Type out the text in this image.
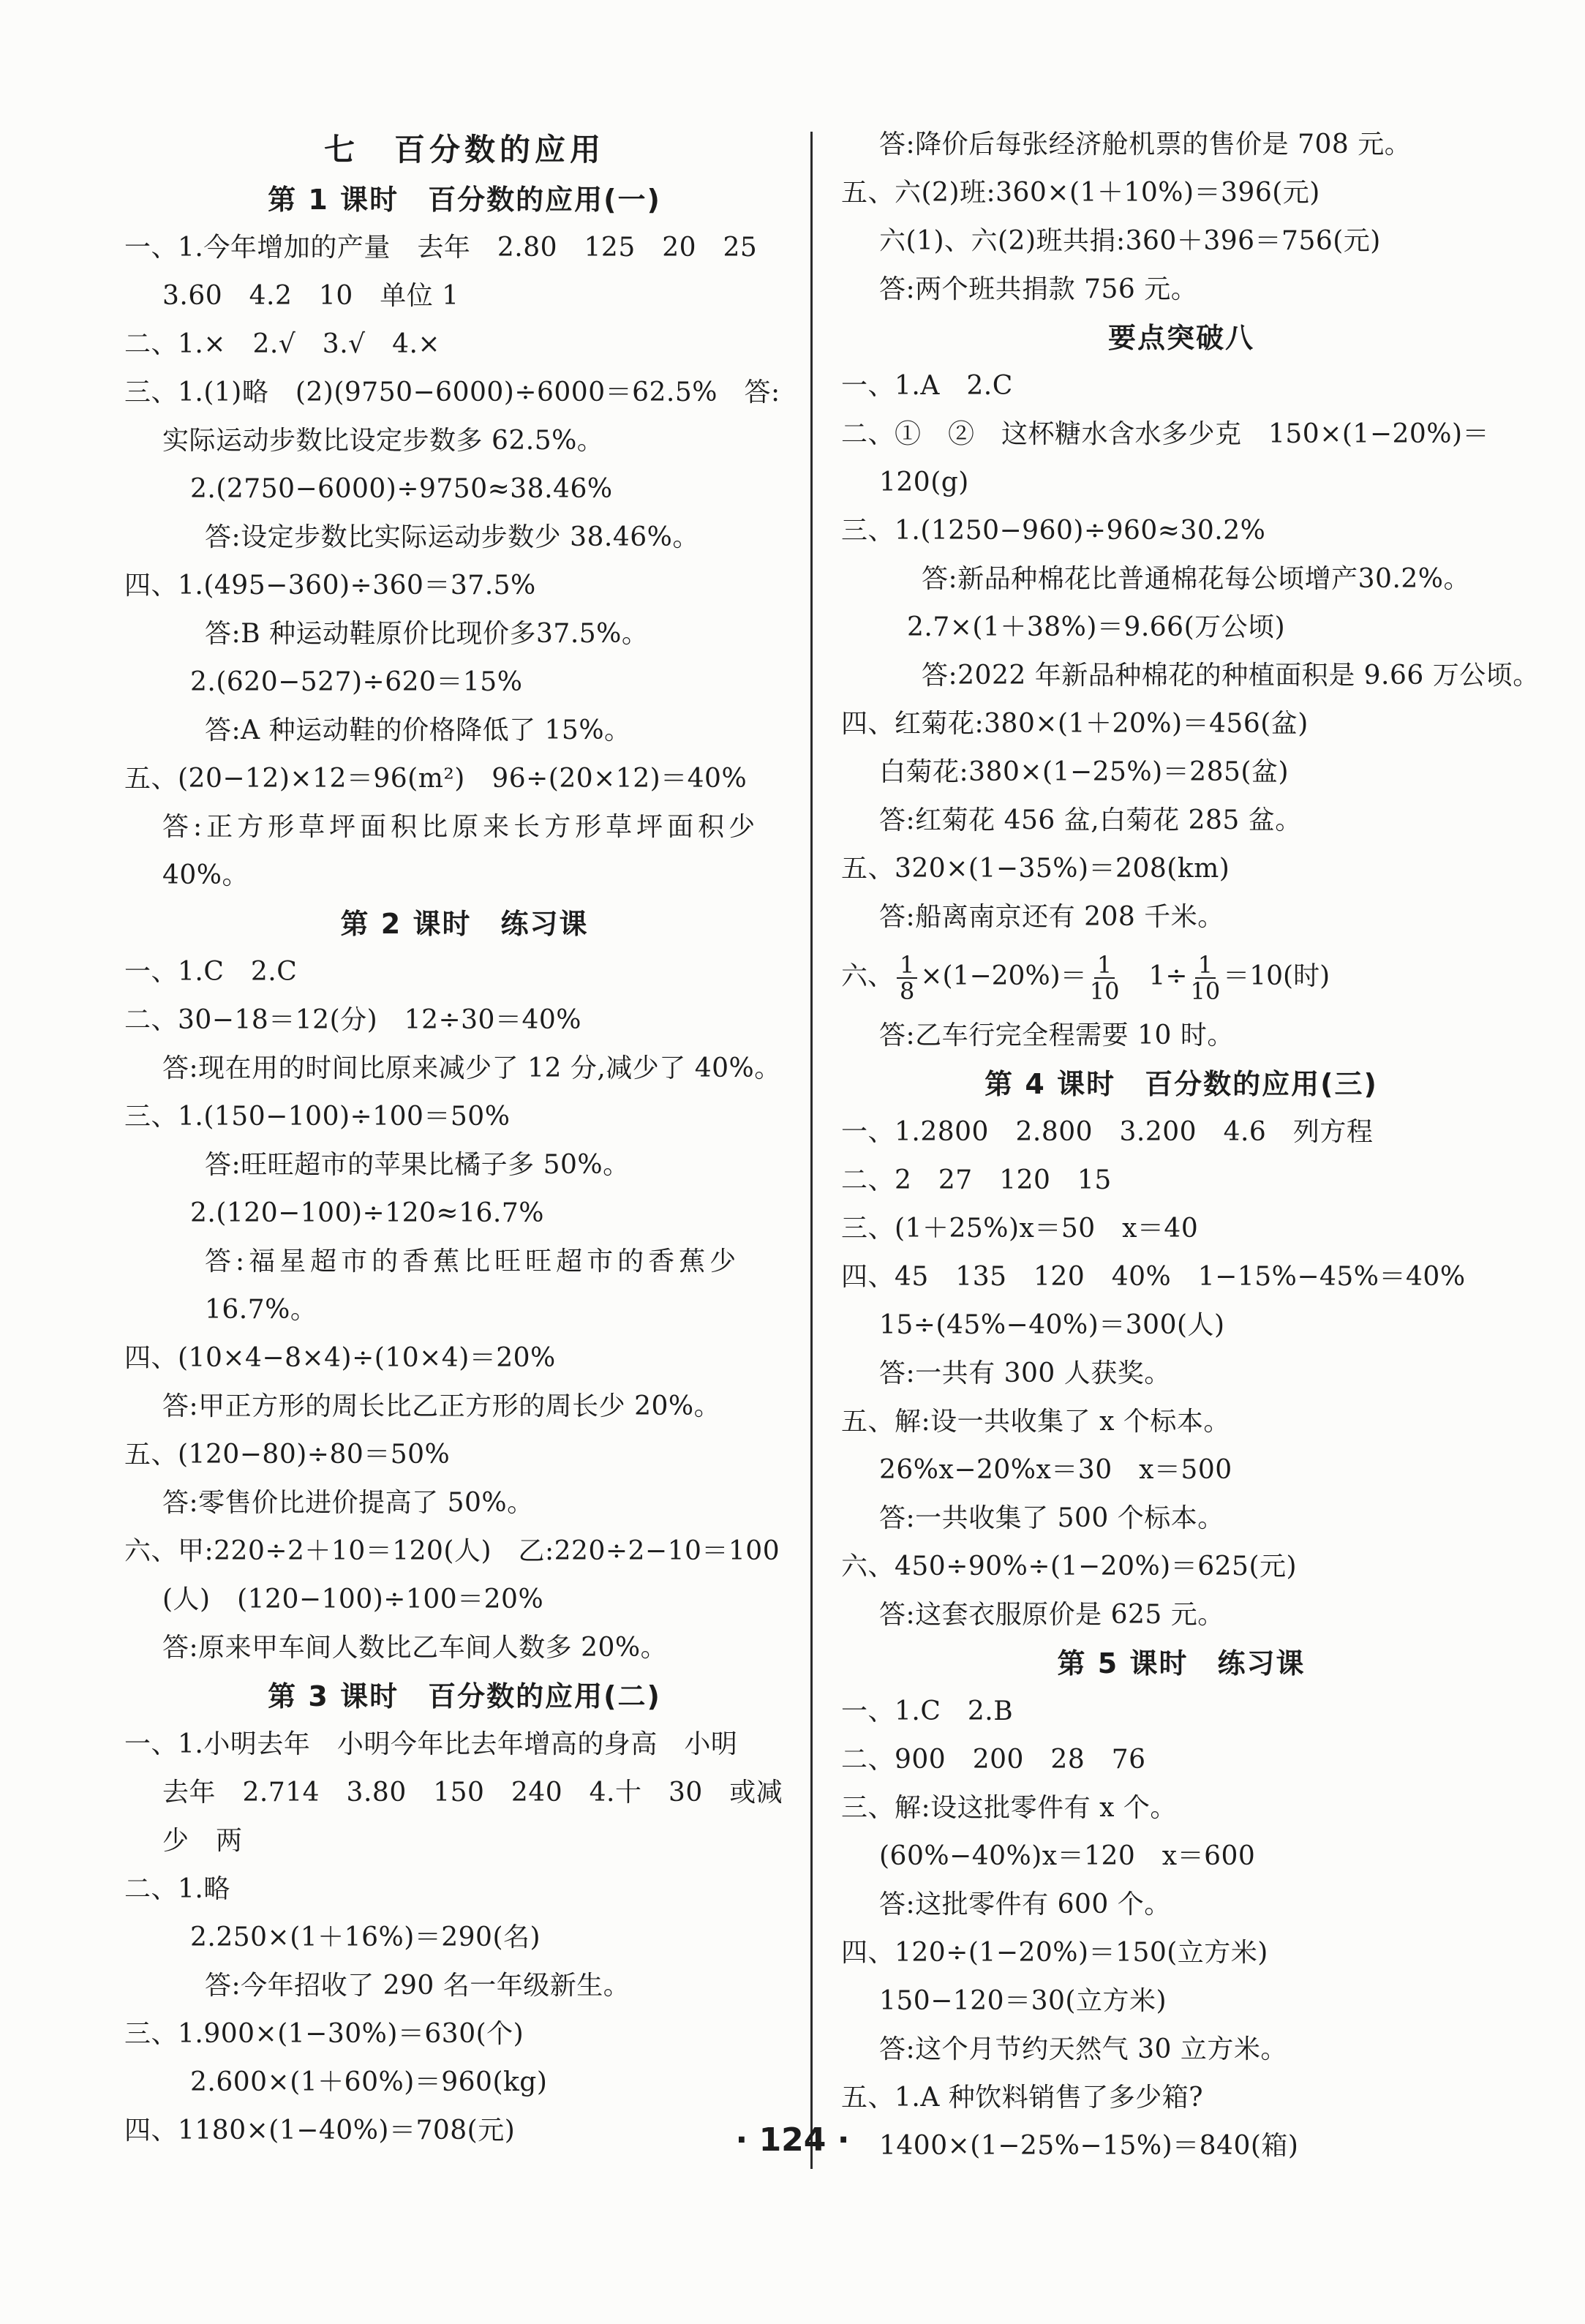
七　百分数的应用
第 1 课时　百分数的应用(一)
一、1.今年增加的产量　去年　2.80　125　20　25
3.60　4.2　10　单位 1
二、1.×　2.√　3.√　4.×
三、1.(1)略　(2)(9750−6000)÷6000＝62.5%　答:
实际运动步数比设定步数多 62.5%。
2.(2750−6000)÷9750≈38.46%
答:设定步数比实际运动步数少 38.46%。
四、1.(495−360)÷360＝37.5%
答:B 种运动鞋原价比现价多37.5%。
2.(620−527)÷620＝15%
答:A 种运动鞋的价格降低了 15%。
五、(20−12)×12＝96(m²)　96÷(20×12)＝40%
答:正方形草坪面积比原来长方形草坪面积少
40%。
第 2 课时　练习课
一、1.C　2.C
二、30−18＝12(分)　12÷30＝40%
答:现在用的时间比原来减少了 12 分,减少了 40%。
三、1.(150−100)÷100＝50%
答:旺旺超市的苹果比橘子多 50%。
2.(120−100)÷120≈16.7%
答:福星超市的香蕉比旺旺超市的香蕉少
16.7%。
四、(10×4−8×4)÷(10×4)＝20%
答:甲正方形的周长比乙正方形的周长少 20%。
五、(120−80)÷80＝50%
答:零售价比进价提高了 50%。
六、甲:220÷2＋10＝120(人)　乙:220÷2−10＝100
(人)　(120−100)÷100＝20%
答:原来甲车间人数比乙车间人数多 20%。
第 3 课时　百分数的应用(二)
一、1.小明去年　小明今年比去年增高的身高　小明
去年　2.714　3.80　150　240　4.十　30　或减
少　两
二、1.略
2.250×(1＋16%)＝290(名)
答:今年招收了 290 名一年级新生。
三、1.900×(1−30%)＝630(个)
2.600×(1＋60%)＝960(kg)
四、1180×(1−40%)＝708(元)
答:降价后每张经济舱机票的售价是 708 元。
五、六(2)班:360×(1＋10%)＝396(元)
六(1)、六(2)班共捐:360＋396＝756(元)
答:两个班共捐款 756 元。
要点突破八
一、1.A　2.C
二、①　②　这杯糖水含水多少克　150×(1−20%)＝
120(g)
三、1.(1250−960)÷960≈30.2%
答:新品种棉花比普通棉花每公顷增产30.2%。
2.7×(1＋38%)＝9.66(万公顷)
答:2022 年新品种棉花的种植面积是 9.66 万公顷。
四、红菊花:380×(1＋20%)＝456(盆)
白菊花:380×(1−25%)＝285(盆)
答:红菊花 456 盆,白菊花 285 盆。
五、320×(1−35%)＝208(km)
答:船离南京还有 208 千米。
六、 $\frac{1}{8} \times(1-20\%)= \frac{1}{10}$ 　$1\div \frac{1}{10} =10$(时)
答:乙车行完全程需要 10 时。
第 4 课时　百分数的应用(三)
一、1.2800　2.800　3.200　4.6　列方程
二、2　27　120　15
三、(1＋25%)x＝50　x＝40
四、45　135　120　40%　1−15%−45%＝40%
15÷(45%−40%)＝300(人)
答:一共有 300 人获奖。
五、解:设一共收集了 x 个标本。
26%x−20%x＝30　x＝500
答:一共收集了 500 个标本。
六、450÷90%÷(1−20%)＝625(元)
答:这套衣服原价是 625 元。
第 5 课时　练习课
一、1.C　2.B
二、900　200　28　76
三、解:设这批零件有 x 个。
(60%−40%)x＝120　x＝600
答:这批零件有 600 个。
四、120÷(1−20%)＝150(立方米)
150−120＝30(立方米)
答:这个月节约天然气 30 立方米。
五、1.A 种饮料销售了多少箱?
1400×(1−25%−15%)＝840(箱)
· 124 ·
